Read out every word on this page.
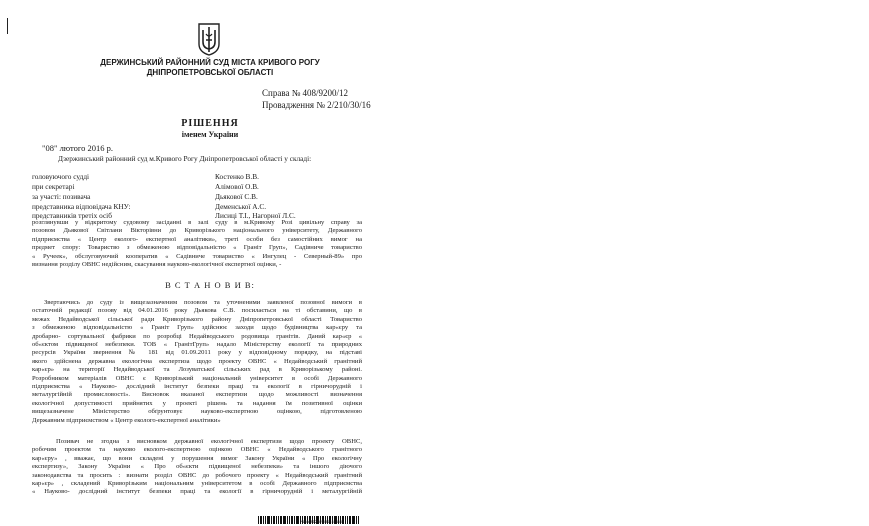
ДЕРЖИНСЬКИЙ РАЙОННИЙ СУД МІСТА КРИВОГО РОГУ
ДНІПРОПЕТРОВСЬКОЇ ОБЛАСТІ
Справа № 408/9200/12
Провадження № 2/210/30/16
РІШЕННЯ
іменем України
"08" лютого 2016 р.
Дзержинський районний суд м.Кривого Рогу Дніпропетровської області у складі:
головуючого судді	Костенко В.В.
при секретарі	Алімової О.В.
за участі: позивача	Дьякової С.В.
представника відповідача КНУ:	Деменської А.С.
представників третіх осіб	Лисиці Т.І., Нагорної Л.С.
розглянувши у відкритому судовому засіданні в залі суду в м.Кривому Розі цивільну справу за
позовом Дьякової Світлани Вікторівни до Криворізького національного університету, Державного
підприємства « Центр еколого- експертної аналітики», треті особи без самостійних вимог на
предмет спору: Товариство з обмеженою відповідальністю « Граніт Груп», Садівниче товариство
« Ручеек», обслуговуючий кооператив « Садівниче товариство « Ингулец - Северный-89» про
визнання розділу ОВНС недійсним, скасування науково-екологічної експертної оцінки, -
В С Т А Н О В И В:
Звертаючись до суду із вищезазначеним позовом та уточненими заявленої позовної вимоги в
остаточній редакції позову від 04.01.2016 року Дьякова С.В. посилається на ті обставини, що в
межах Недайводської сільської ради Криворізького району Дніпропетровської області Товариство
з обмеженою відповідальністю « Граніт Груп» здійснює заходи щодо будівництва кар«єру та
дробарно- сортувальної фабрики по розробці Недайводського родовища гранітів. Даний кар«єр «
об«єктом підвищеної небезпеки. ТОВ « ГранітГруп» надало Міністерству екології та природних
ресурсів України звернення № 181 від 01.09.2011 року у відповідному порядку, на підставі
якого здійснена державна екологічна експертиза щодо проекту ОВНС « Недайводський гранітний
кар«єр» на території Недайводської та Лозуватської сільських рад в Криворізькому районі.
Розробником матеріалів ОВНС є Криворізький національний університет в особі Державного
підприємства « Науково- дослідний інститут безпеки праці та екології в гірничорудній і
металургійній промисловості». Висновок вказаної експертизи щодо можливості визначення
екологічної допустимості прийнятих у проекті рішень та надання їм позитивної оцінки
вищезазначене Міністерство обґрунтовує науково-експертною оцінкою, підготовленою
Державним підприємством « Центр еколого-експертної аналітики»
Позивач не згодна з висновком державної екологічної експертизи щодо проекту ОВНС,
робочим проектом та науково еколого-експертною оцінкою ОВНС « Недайводського гранітного
кар«єру» , вважає, що вони складені у порушення вимог Закону України « Про екологічну
експертизу», Закону України « Про об«єкти підвищеної небезпеки» та іншого діючого
законодавства та просить : визнати розділ ОВНС до робочого проекту « Недайводський гранітний
кар«єр» , складений Криворізьким національним університетом в особі Державного підприємства
« Науково- дослідний інститут безпеки праці та екології в гірничорудній і металургійній
*4086812009282163456*
